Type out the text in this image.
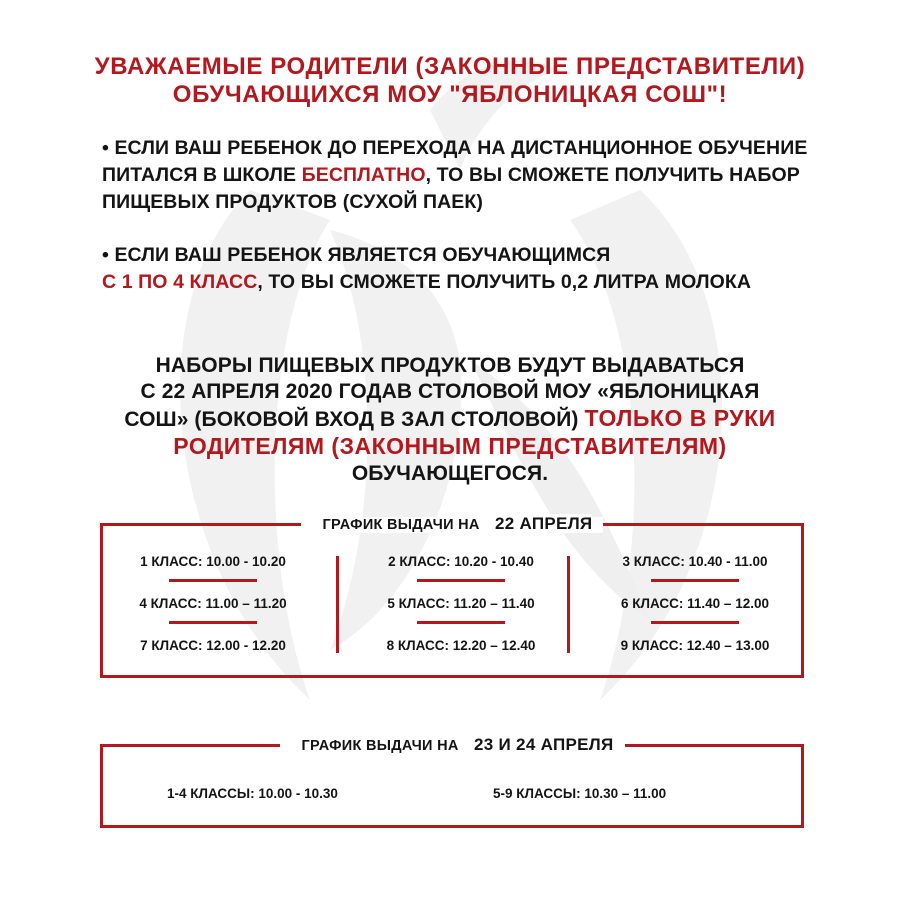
УВАЖАЕМЫЕ РОДИТЕЛИ (ЗАКОННЫЕ ПРЕДСТАВИТЕЛИ)
ОБУЧАЮЩИХСЯ МОУ "ЯБЛОНИЦКАЯ СОШ"!

• ЕСЛИ ВАШ РЕБЕНОК ДО ПЕРЕХОДА НА ДИСТАНЦИОННОЕ ОБУЧЕНИЕ ПИТАЛСЯ В ШКОЛЕ БЕСПЛАТНО, ТО ВЫ СМОЖЕТЕ ПОЛУЧИТЬ НАБОР ПИЩЕВЫХ ПРОДУКТОВ (СУХОЙ ПАЕК)

• ЕСЛИ ВАШ РЕБЕНОК ЯВЛЯЕТСЯ ОБУЧАЮЩИМСЯ
С 1 ПО 4 КЛАСС, ТО ВЫ СМОЖЕТЕ ПОЛУЧИТЬ 0,2 ЛИТРА МОЛОКА

НАБОРЫ ПИЩЕВЫХ ПРОДУКТОВ БУДУТ ВЫДАВАТЬСЯ
С 22 АПРЕЛЯ 2020 ГОДАВ СТОЛОВОЙ МОУ «ЯБЛОНИЦКАЯ
СОШ» (БОКОВОЙ ВХОД В ЗАЛ СТОЛОВОЙ) ТОЛЬКО В РУКИ
РОДИТЕЛЯМ (ЗАКОННЫМ ПРЕДСТАВИТЕЛЯМ)
ОБУЧАЮЩЕГОСЯ.

ГРАФИК ВЫДАЧИ НА 22 АПРЕЛЯ
1 КЛАСС: 10.00 - 10.20
4 КЛАСС: 11.00 – 11.20
7 КЛАСС: 12.00 - 12.20
2 КЛАСС: 10.20 - 10.40
5 КЛАСС: 11.20 – 11.40
8 КЛАСС: 12.20 – 12.40
3 КЛАСС: 10.40 - 11.00
6 КЛАСС: 11.40 – 12.00
9 КЛАСС: 12.40 – 13.00
ГРАФИК ВЫДАЧИ НА 23 И 24 АПРЕЛЯ
1-4 КЛАССЫ: 10.00 - 10.30	5-9 КЛАССЫ: 10.30 – 11.00
